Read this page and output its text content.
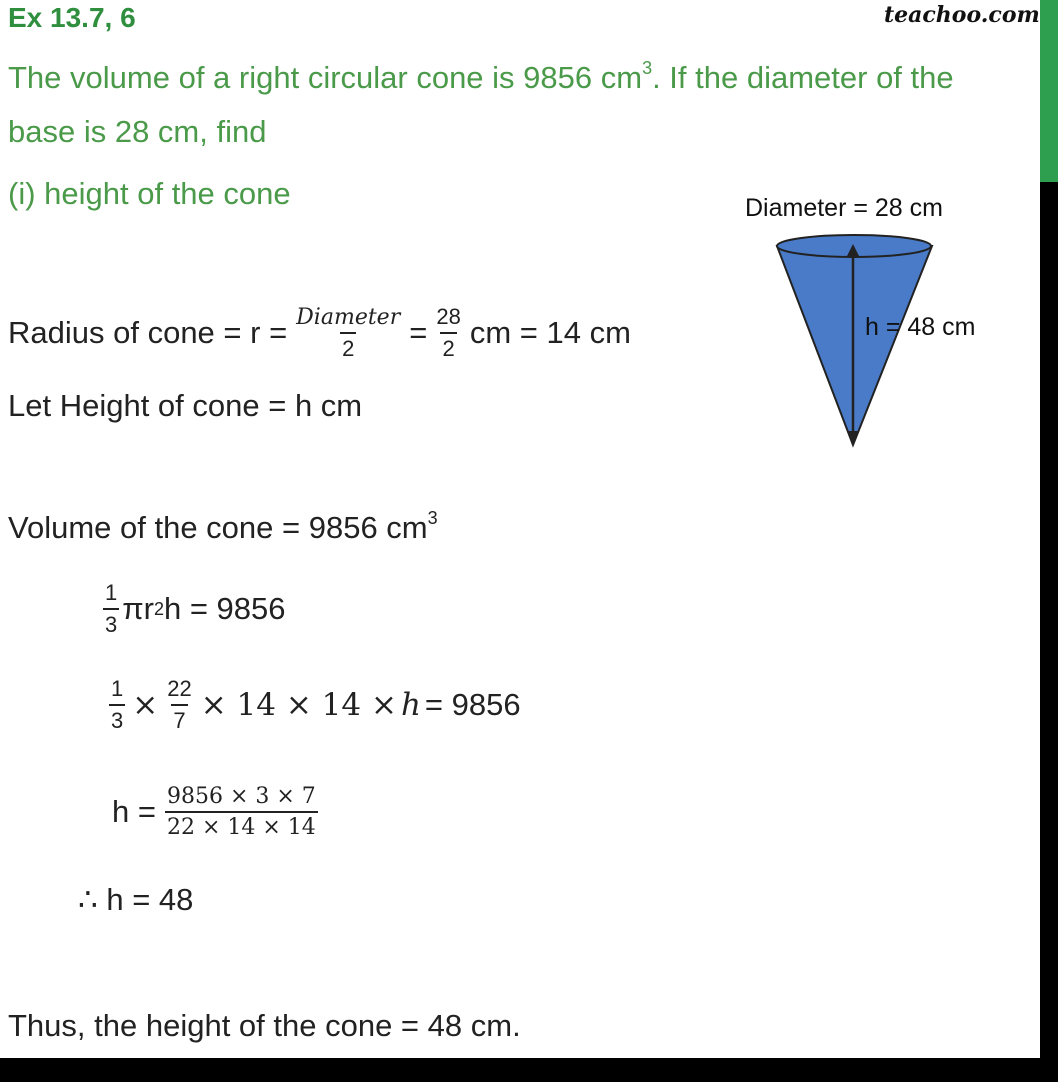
Ex 13.7, 6	teachoo.com
The volume of a right circular cone is 9856 $cm^3$. If the diameter of the
base is 28 cm, find
(i) height of the cone	Diameter = 28 cm
h = 48 cm
Radius of cone = $r = \frac{\text{Diameter}}{2} = \frac{28}{2}$ cm = 14 cm
Let Height of cone = h cm
Volume of the cone = 9856 $cm^3$
$\frac{1}{3}$ πr 2 h = 9856
$\frac{1}{3} \times \frac{22}{7} \times 14 \times 14 \times h = 9856$
$h = \frac{9856 \times 3 \times 7}{22 \times 14 \times 14}$
∴ h = 48
Thus, the height of the cone = 48 cm.
